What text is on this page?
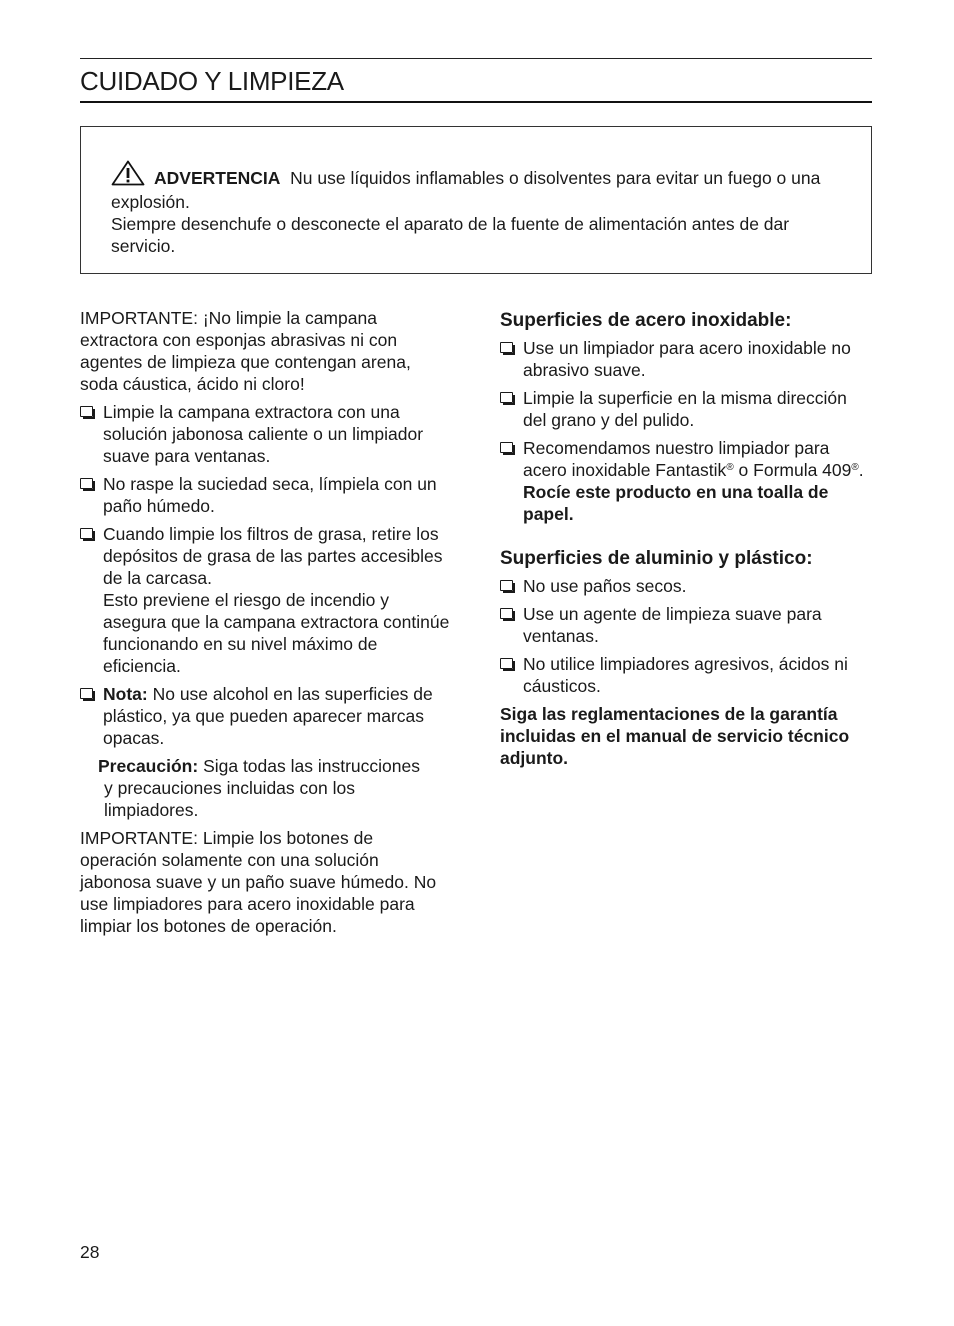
CUIDADO Y LIMPIEZA
ADVERTENCIA Nu use líquidos inflamables o disolventes para evitar un fuego o una explosión.
Siempre desenchufe o desconecte el aparato de la fuente de alimentación antes de dar servicio.

IMPORTANTE: ¡No limpie la campana extractora con esponjas abrasivas ni con agentes de limpieza que contengan arena, soda cáustica, ácido ni cloro!

Limpie la campana extractora con una solución jabonosa caliente o un limpiador suave para ventanas.
No raspe la suciedad seca, límpiela con un paño húmedo.
Cuando limpie los filtros de grasa, retire los depósitos de grasa de las partes accesibles de la carcasa.
Esto previene el riesgo de incendio y asegura que la campana extractora continúe funcionando en su nivel máximo de eficiencia.
Nota: No use alcohol en las superficies de plástico, ya que pueden aparecer marcas opacas.

Precaución: Siga todas las instrucciones
y precauciones incluidas con los limpiadores.

IMPORTANTE: Limpie los botones de operación solamente con una solución jabonosa suave y un paño suave húmedo. No use limpiadores para acero inoxidable para limpiar los botones de operación.

Superficies de acero inoxidable:

Use un limpiador para acero inoxidable no abrasivo suave.
Limpie la superficie en la misma dirección del grano y del pulido.
Recomendamos nuestro limpiador para acero inoxidable Fantastik® o Formula 409®.
Rocíe este producto en una toalla de papel.

Superficies de aluminio y plástico:

No use paños secos.
Use un agente de limpieza suave para ventanas.
No utilice limpiadores agresivos, ácidos ni cáusticos.

Siga las reglamentaciones de la garantía incluidas en el manual de servicio técnico adjunto.

28
